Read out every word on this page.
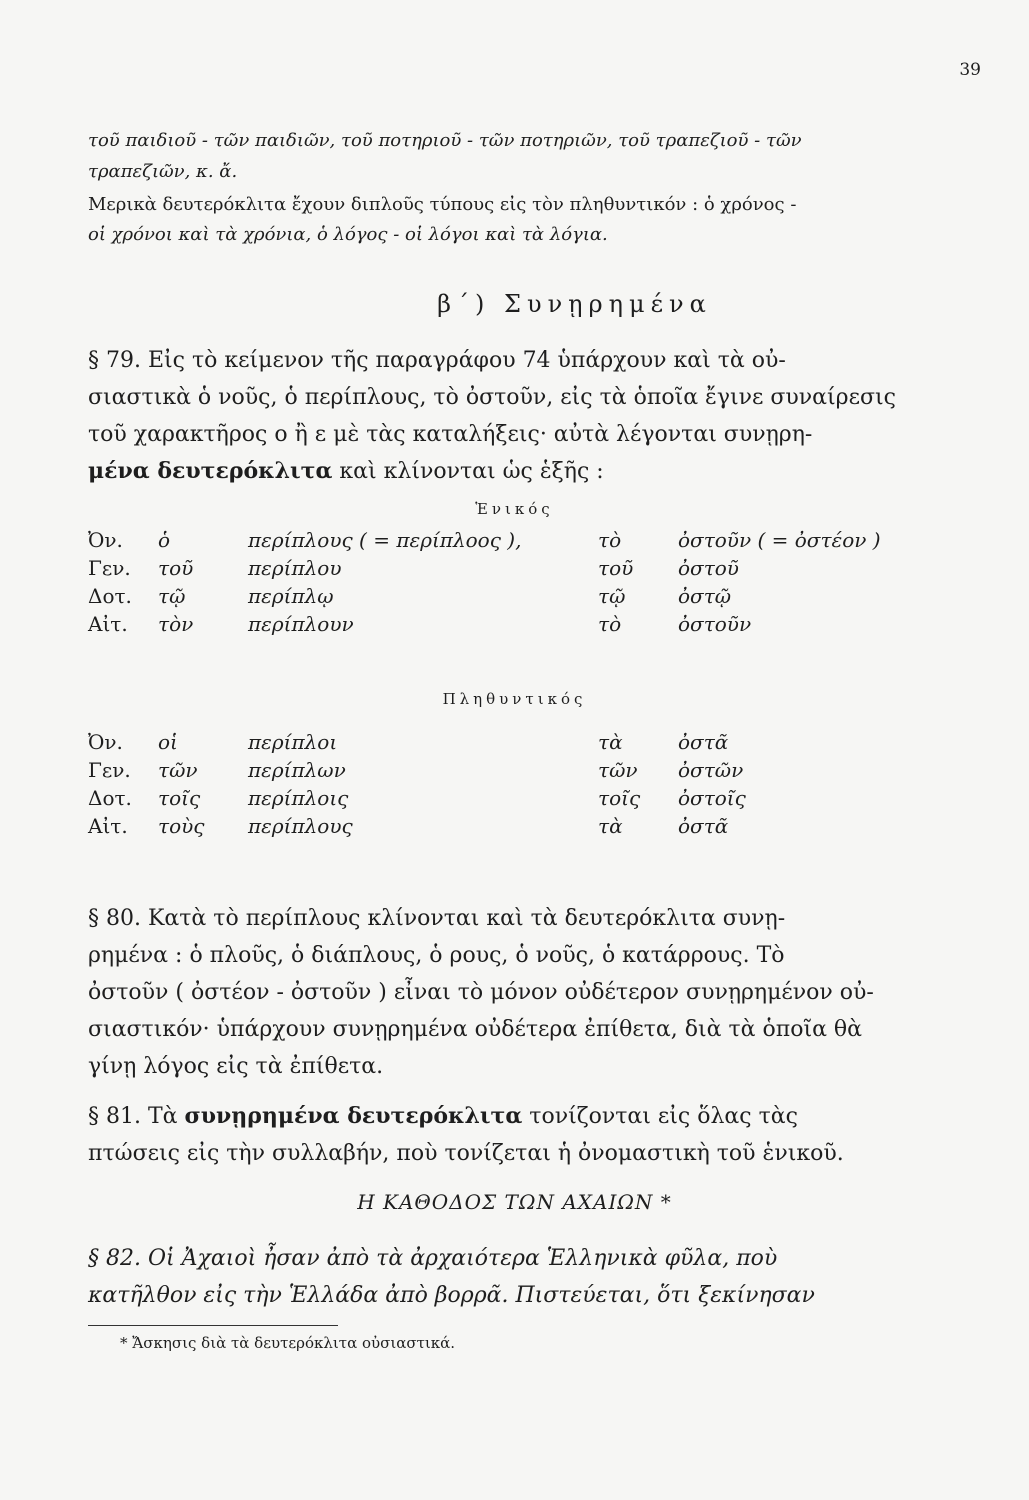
39

τοῦ παιδιοῦ - τῶν παιδιῶν, τοῦ ποτηριοῦ - τῶν ποτηριῶν, τοῦ τραπεζιοῦ - τῶν

τραπεζιῶν, κ. ἄ.

Μερικὰ δευτερόκλιτα ἔχουν διπλοῦς τύπους εἰς τὸν πληθυντικόν : ὁ χρόνος -

οἱ χρόνοι καὶ τὰ χρόνια, ὁ λόγος - οἱ λόγοι καὶ τὰ λόγια.

β΄) Συνῃρημένα

§ 79. Εἰς τὸ κείμενον τῆς παραγράφου 74 ὑπάρχουν καὶ τὰ οὐ-

σιαστικὰ ὁ νοῦς, ὁ περίπλους, τὸ ὀστοῦν, εἰς τὰ ὁποῖα ἔγινε συναίρεσις

τοῦ χαρακτῆρος ο ἢ ε μὲ τὰς καταλήξεις· αὐτὰ λέγονται συνῃρη-

μένα δευτερόκλιτα καὶ κλίνονται ὡς ἑξῆς :

Ἑνικός
Ὀν.	ὁ	περίπλους ( = περίπλοος ),	τὸ	ὀστοῦν ( = ὀστέον )
Γεν.	τοῦ	περίπλου	τοῦ	ὀστοῦ
Δοτ.	τῷ	περίπλῳ	τῷ	ὀστῷ
Αἰτ.	τὸν	περίπλουν	τὸ	ὀστοῦν
Πληθυντικός
Ὀν.	οἱ	περίπλοι	τὰ	ὀστᾶ
Γεν.	τῶν	περίπλων	τῶν	ὀστῶν
Δοτ.	τοῖς	περίπλοις	τοῖς	ὀστοῖς
Αἰτ.	τοὺς	περίπλους	τὰ	ὀστᾶ

§ 80. Κατὰ τὸ περίπλους κλίνονται καὶ τὰ δευτερόκλιτα συνῃ-

ρημένα : ὁ πλοῦς, ὁ διάπλους, ὁ ρους, ὁ νοῦς, ὁ κατάρρους. Τὸ

ὀστοῦν ( ὀστέον - ὀστοῦν ) εἶναι τὸ μόνον οὐδέτερον συνῃρημένον οὐ-

σιαστικόν· ὑπάρχουν συνῃρημένα οὐδέτερα ἐπίθετα, διὰ τὰ ὁποῖα θὰ

γίνῃ λόγος εἰς τὰ ἐπίθετα.

§ 81. Τὰ συνῃρημένα δευτερόκλιτα τονίζονται εἰς ὅλας τὰς

πτώσεις εἰς τὴν συλλαβήν, ποὺ τονίζεται ἡ ὀνομαστικὴ τοῦ ἑνικοῦ.

Η ΚΑΘΟΔΟΣ ΤΩΝ ΑΧΑΙΩΝ *

§ 82. Οἱ Ἀχαιοὶ ἦσαν ἀπὸ τὰ ἀρχαιότερα Ἑλληνικὰ φῦλα, ποὺ

κατῆλθον εἰς τὴν Ἑλλάδα ἀπὸ βορρᾶ. Πιστεύεται, ὅτι ξεκίνησαν

* Ἄσκησις διὰ τὰ δευτερόκλιτα οὐσιαστικά.
